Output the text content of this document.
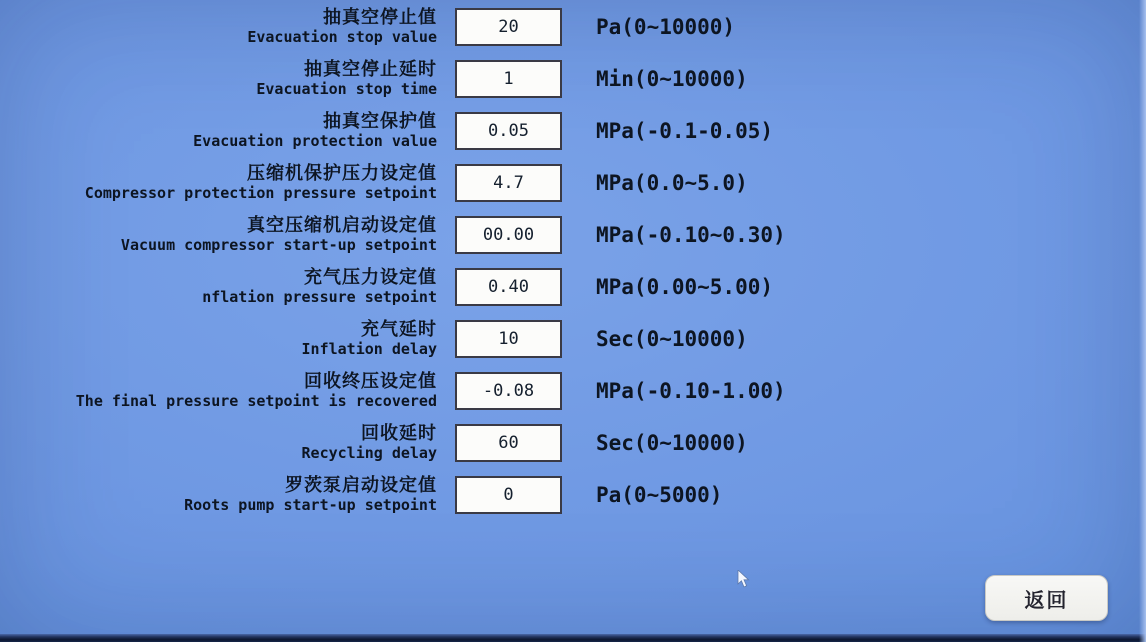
抽真空停止值
Evacuation stop value	20	Pa(0~10000)
抽真空停止延时
Evacuation stop time	1	Min(0~10000)
抽真空保护值
Evacuation protection value	0.05	MPa(-0.1-0.05)
压缩机保护压力设定值
Compressor protection pressure setpoint	4.7	MPa(0.0~5.0)
真空压缩机启动设定值
Vacuum compressor start-up setpoint	00.00	MPa(-0.10~0.30)
充气压力设定值
nflation pressure setpoint	0.40	MPa(0.00~5.00)
充气延时
Inflation delay	10	Sec(0~10000)
回收终压设定值
The final pressure setpoint is recovered	-0.08	MPa(-0.10-1.00)
回收延时
Recycling delay	60	Sec(0~10000)
罗茨泵启动设定值
Roots pump start-up setpoint	0	Pa(0~5000)
返回
